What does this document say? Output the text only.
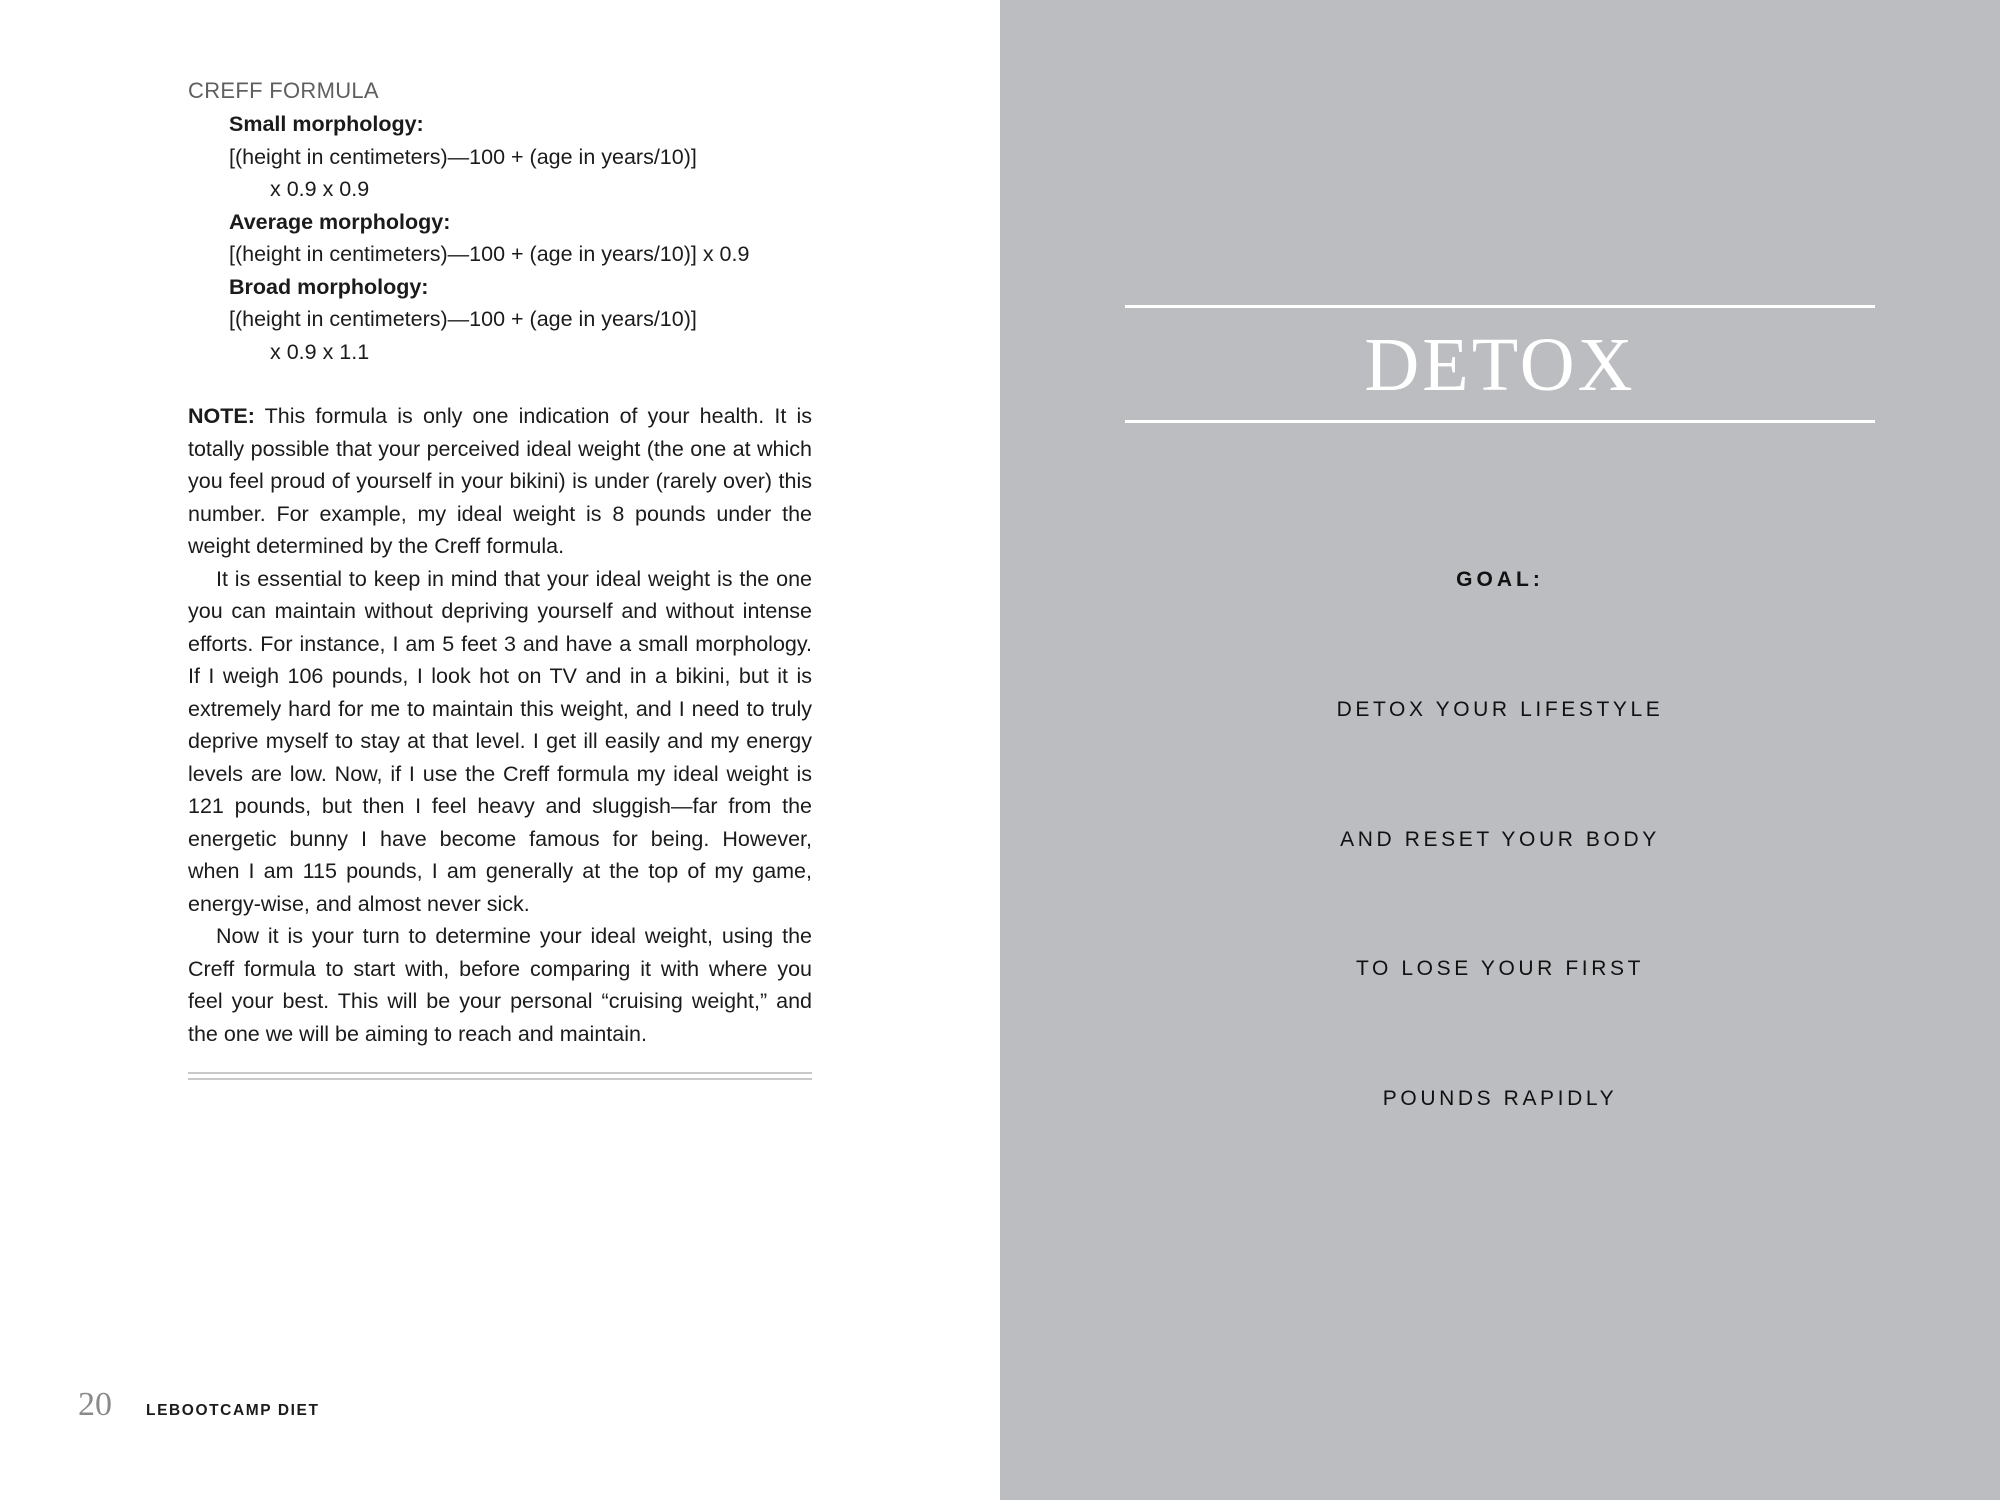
CREFF FORMULA
Small morphology:
[(height in centimeters)—100 + (age in years/10)]
x 0.9 x 0.9
Average morphology:
[(height in centimeters)—100 + (age in years/10)] x 0.9
Broad morphology:
[(height in centimeters)—100 + (age in years/10)]
x 0.9 x 1.1

NOTE: This formula is only one indication of your health. It is totally possible that your perceived ideal weight (the one at which you feel proud of yourself in your bikini) is under (rarely over) this number. For example, my ideal weight is 8 pounds under the weight determined by the Creff formula.

It is essential to keep in mind that your ideal weight is the one you can maintain without depriving yourself and without intense efforts. For instance, I am 5 feet 3 and have a small morphology. If I weigh 106 pounds, I look hot on TV and in a bikini, but it is extremely hard for me to maintain this weight, and I need to truly deprive myself to stay at that level. I get ill easily and my energy levels are low. Now, if I use the Creff formula my ideal weight is 121 pounds, but then I feel heavy and sluggish—far from the energetic bunny I have become famous for being. However, when I am 115 pounds, I am generally at the top of my game, energy-wise, and almost never sick.

Now it is your turn to determine your ideal weight, using the Creff formula to start with, before comparing it with where you feel your best. This will be your personal “cruising weight,” and the one we will be aiming to reach and maintain.

20 LEBOOTCAMP DIET
DETOX
GOAL:
DETOX YOUR LIFESTYLE
AND RESET YOUR BODY
TO LOSE YOUR FIRST
POUNDS RAPIDLY
